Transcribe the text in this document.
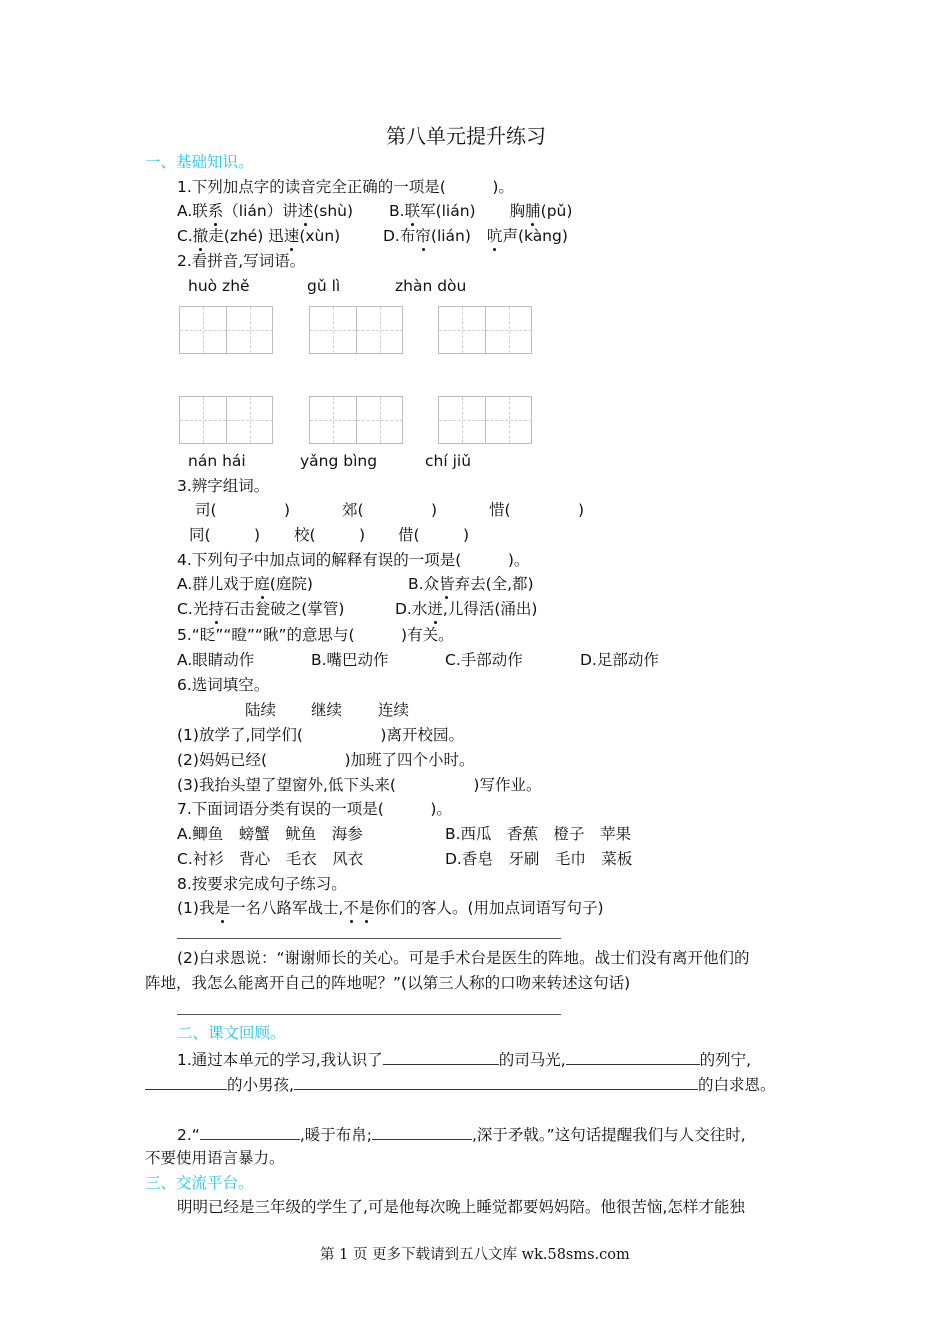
第八单元提升练习
一、基础知识。
1.下列加点字的读音完全正确的一项是(　　　)。
A.联系（lián）讲述(shù) B.联军(lián) 胸脯(pǔ)
C.撤走(zhé) 迅速(xùn)	D.布帘(lián) 吭声(kàng)
2.看拼音,写词语。
huò zhě	gǔ lì	zhàn dòu
nán hái	yǎng bìng	chí jiǔ
3.辨字组词。
司(	)	郊(	)	惜(	)
同(	) 校(	) 借(	)
4.下列句子中加点词的解释有误的一项是(　　　)。
A.群儿戏于庭(庭院)	B.众皆弃去(全,都)
C.光持石击瓮破之(掌管)	D.水迸,儿得活(涌出)
5.“眨”“瞪”“瞅”的意思与(　　　)有关。
A.眼睛动作	B.嘴巴动作	C.手部动作	D.足部动作
6.选词填空。
陆续 继续 连续
(1)放学了,同学们(　　　　　)离开校园。
(2)妈妈已经(　　　　　)加班了四个小时。
(3)我抬头望了望窗外,低下头来(　　　　　)写作业。
7.下面词语分类有误的一项是(　　　)。
A.鲫鱼　螃蟹　鱿鱼　海参	B.西瓜　香蕉　橙子　苹果
C.衬衫　背心　毛衣　风衣	D.香皂　牙刷　毛巾　菜板
8.按要求完成句子练习。
(1)我是一名八路军战士,不是你们的客人。(用加点词语写句子)
(2)白求恩说：“谢谢师长的关心。可是手术台是医生的阵地。战士们没有离开他们的
阵地，我怎么能离开自己的阵地呢？”(以第三人称的口吻来转述这句话)
二、课文回顾。
1.通过本单元的学习,我认识了	的司马光,	的列宁,
的小男孩,	的白求恩。
2.“	,暖于布帛;	,深于矛戟。”这句话提醒我们与人交往时,
不要使用语言暴力。
三、交流平台。
明明已经是三年级的学生了,可是他每次晚上睡觉都要妈妈陪。他很苦恼,怎样才能独
第 1 页 更多下载请到五八文库 wk.58sms.com
